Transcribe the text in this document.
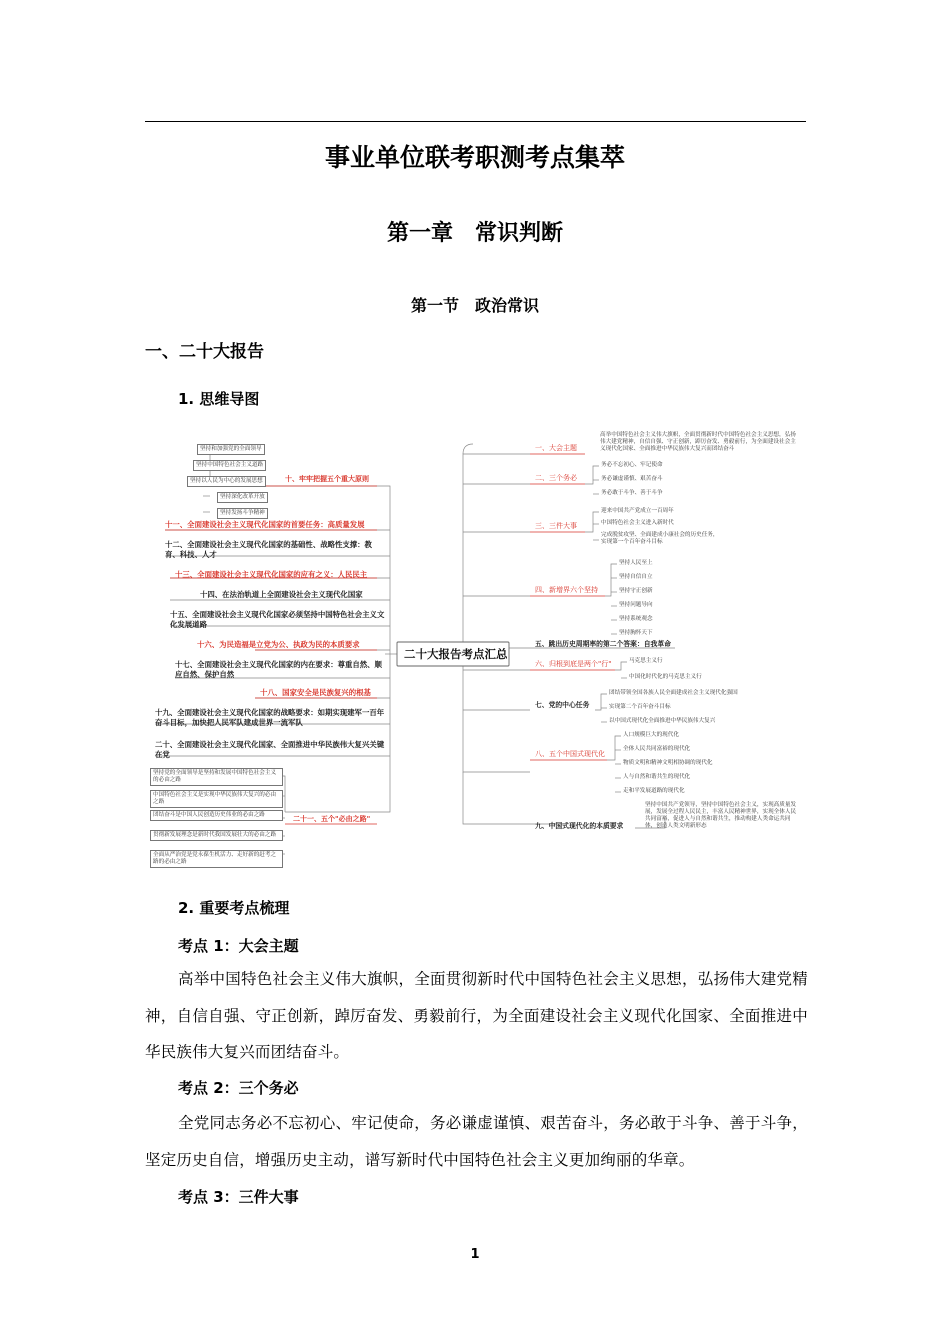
事业单位联考职测考点集萃
第一章　常识判断
第一节　政治常识
一、二十大报告
1. 思维导图
二十大报告考点汇总
坚持和加强党的全面领导
坚持中国特色社会主义道路
坚持以人民为中心的发展思想
坚持深化改革开放
坚持发扬斗争精神
十、牢牢把握五个重大原则
十一、全面建设社会主义现代化国家的首要任务：高质量发展
十二、全面建设社会主义现代化国家的基础性、战略性支撑：教育、科技、人才
十三、全面建设社会主义现代化国家的应有之义：人民民主
十四、在法治轨道上全面建设社会主义现代化国家
十五、全面建设社会主义现代化国家必须坚持中国特色社会主义文化发展道路
十六、为民造福是立党为公、执政为民的本质要求
十七、全面建设社会主义现代化国家的内在要求：尊重自然、顺应自然、保护自然
十八、国家安全是民族复兴的根基
十九、全面建设社会主义现代化国家的战略要求：如期实现建军一百年奋斗目标，加快把人民军队建成世界一流军队
二十、全面建设社会主义现代化国家、全面推进中华民族伟大复兴关键在党
坚持党的全面领导是坚持和发展中国特色社会主义的必由之路
中国特色社会主义是实现中华民族伟大复兴的必由之路
团结奋斗是中国人民创造历史伟业的必由之路
贯彻新发展理念是新时代我国发展壮大的必由之路
全面从严治党是党永葆生机活力、走好新的赶考之路的必由之路
二十一、五个"必由之路"
一、大会主题
高举中国特色社会主义伟大旗帜，全面贯彻新时代中国特色社会主义思想，弘扬伟大建党精神，自信自强、守正创新，踔厉奋发、勇毅前行，为全面建设社会主义现代化国家、全面推进中华民族伟大复兴而团结奋斗
二、三个务必
务必不忘初心、牢记使命
务必谦虚谨慎、艰苦奋斗
务必敢于斗争、善于斗争
三、三件大事
迎来中国共产党成立一百周年
中国特色社会主义进入新时代
完成脱贫攻坚、全面建成小康社会的历史任务，实现第一个百年奋斗目标
四、新增界六个坚持
坚持人民至上
坚持自信自立
坚持守正创新
坚持问题导向
坚持系统观念
坚持胸怀天下
五、跳出历史周期率的第二个答案：自我革命
六、归根到底是两个"行"	马克思主义行
中国化时代化的马克思主义行
七、党的中心任务
团结带领全国各族人民全面建成社会主义现代化强国
实现第二个百年奋斗目标
以中国式现代化全面推进中华民族伟大复兴
八、五个中国式现代化
人口规模巨大的现代化
全体人民共同富裕的现代化
物质文明和精神文明相协调的现代化
人与自然和谐共生的现代化
走和平发展道路的现代化
九、中国式现代化的本质要求
坚持中国共产党领导，坚持中国特色社会主义，实现高质量发展，发展全过程人民民主，丰富人民精神世界，实现全体人民共同富裕，促进人与自然和谐共生，推动构建人类命运共同体，创造人类文明新形态
2. 重要考点梳理
考点 1：大会主题
高举中国特色社会主义伟大旗帜，全面贯彻新时代中国特色社会主义思想，弘扬伟大建党精神，自信自强、守正创新，踔厉奋发、勇毅前行，为全面建设社会主义现代化国家、全面推进中华民族伟大复兴而团结奋斗。
考点 2：三个务必
全党同志务必不忘初心、牢记使命，务必谦虚谨慎、艰苦奋斗，务必敢于斗争、善于斗争，坚定历史自信，增强历史主动，谱写新时代中国特色社会主义更加绚丽的华章。
考点 3：三件大事
1
